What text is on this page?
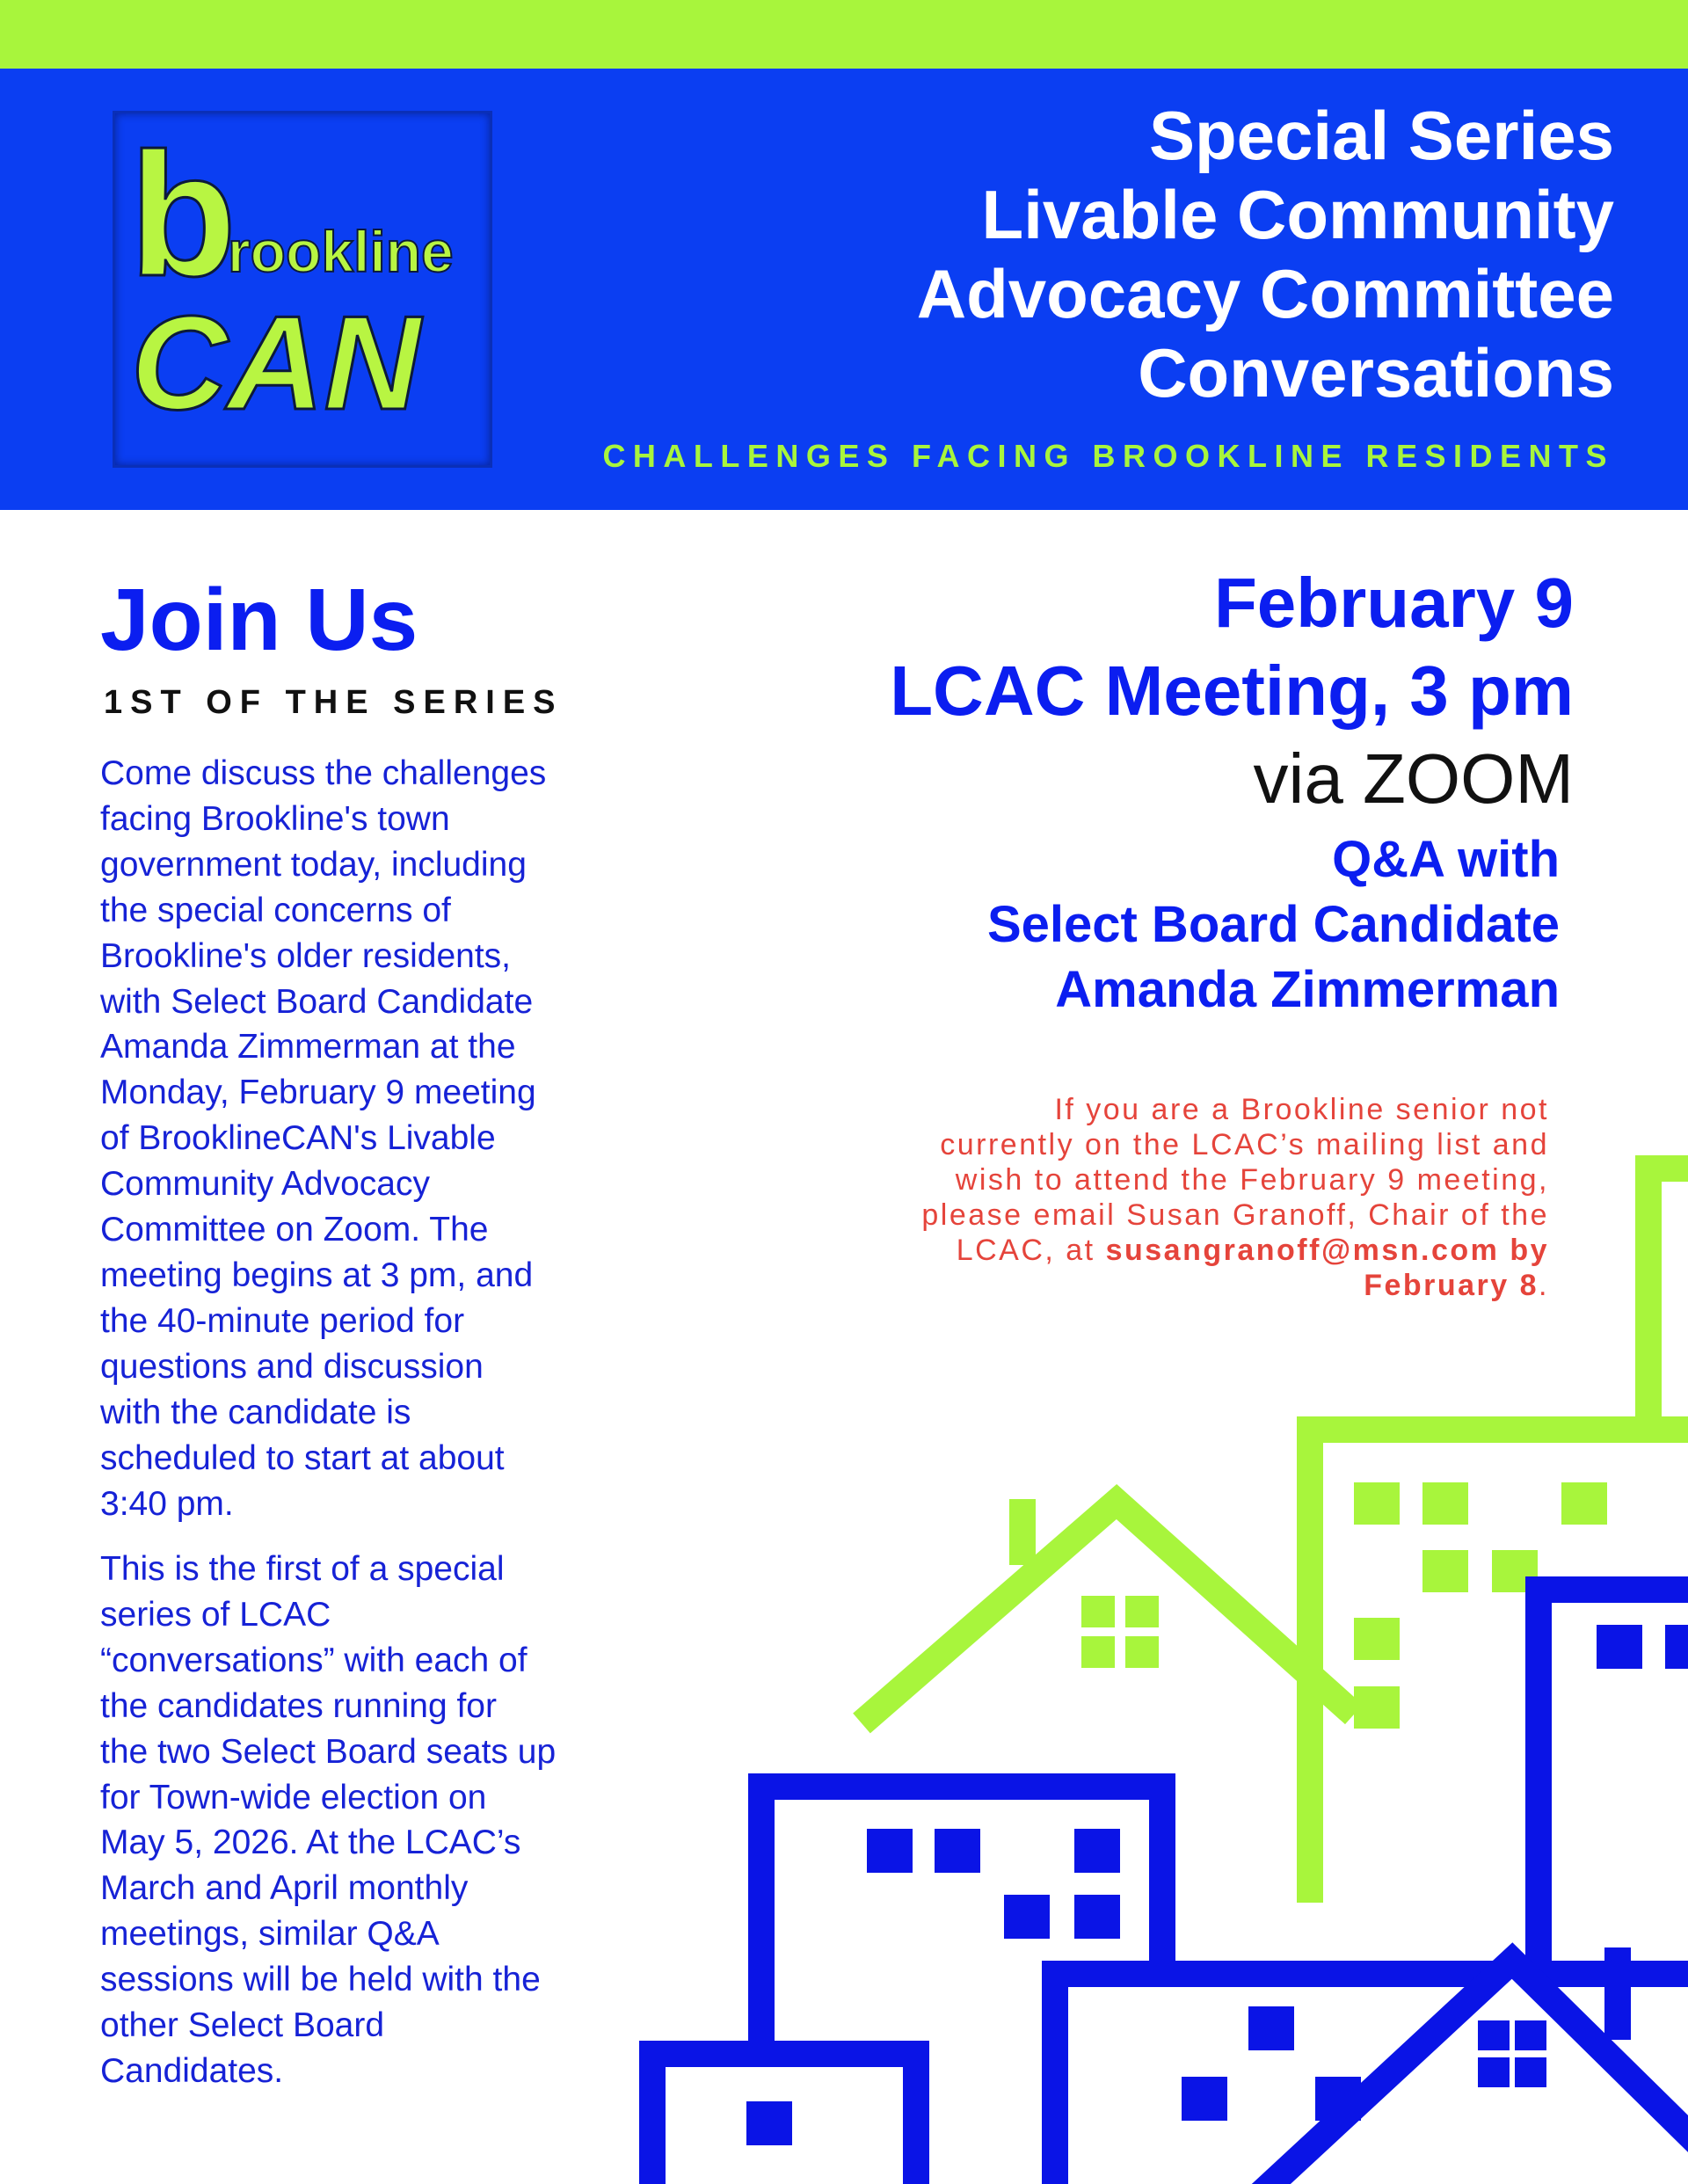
b
rookline
CAN
Special Series
Livable Community
Advocacy Committee
Conversations
CHALLENGES FACING BROOKLINE RESIDENTS
Join Us
1ST OF THE SERIES

Come discuss the challenges
facing Brookline's town
government today, including
the special concerns of
Brookline's older residents,
with Select Board Candidate
Amanda Zimmerman at the
Monday, February 9 meeting
of BrooklineCAN's Livable
Community Advocacy
Committee on Zoom. The
meeting begins at 3 pm, and
the 40-minute period for
questions and discussion
with the candidate is
scheduled to start at about
3:40 pm.

This is the first of a special
series of LCAC
“conversations” with each of
the candidates running for
the two Select Board seats up
for Town-wide election on
May 5, 2026. At the LCAC’s
March and April monthly
meetings, similar Q&A
sessions will be held with the
other Select Board
Candidates.

February 9
LCAC Meeting, 3 pm
via ZOOM
Q&A with
Select Board Candidate
Amanda Zimmerman

If you are a Brookline senior not currently on the LCAC’s mailing list and wish to attend the February 9 meeting, please email Susan Granoff, Chair of the LCAC, at susangranoff@msn.com by February 8.
